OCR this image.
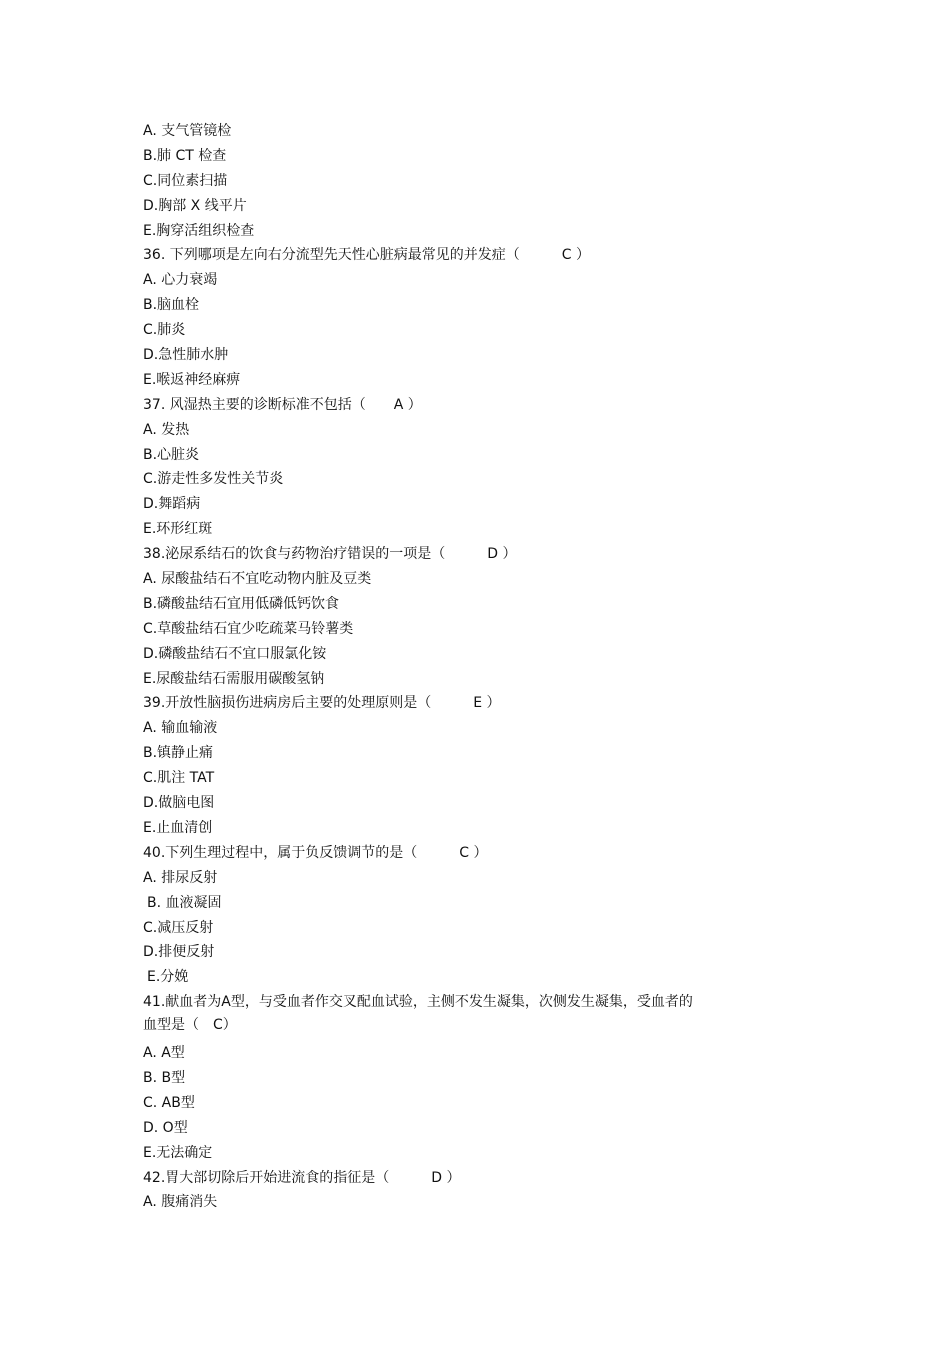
A. 支气管镜检
B.肺 CT 检查
C.同位素扫描
D.胸部 X 线平片
E.胸穿活组织检查
36. 下列哪项是左向右分流型先天性心脏病最常见的并发症（　　　C ）
A. 心力衰竭
B.脑血栓
C.肺炎
D.急性肺水肿
E.喉返神经麻痹
37. 风湿热主要的诊断标准不包括（　　A ）
A. 发热
B.心脏炎
C.游走性多发性关节炎
D.舞蹈病
E.环形红斑
38.泌尿系结石的饮食与药物治疗错误的一项是（　　　D ）
A. 尿酸盐结石不宜吃动物内脏及豆类
B.磷酸盐结石宜用低磷低钙饮食
C.草酸盐结石宜少吃疏菜马铃薯类
D.磷酸盐结石不宜口服氯化铵
E.尿酸盐结石需服用碳酸氢钠
39.开放性脑损伤进病房后主要的处理原则是（　　　E ）
A. 输血输液
B.镇静止痛
C.肌注 TAT
D.做脑电图
E.止血清创
40.下列生理过程中，属于负反馈调节的是（　　　C ）
A. 排尿反射
B. 血液凝固
C.减压反射
D.排便反射
E.分娩
41.献血者为A型，与受血者作交叉配血试验，主侧不发生凝集，次侧发生凝集，受血者的
血型是（　C）
A. A型
B. B型
C. AB型
D. O型
E.无法确定
42.胃大部切除后开始进流食的指征是（　　　D ）
A. 腹痛消失
